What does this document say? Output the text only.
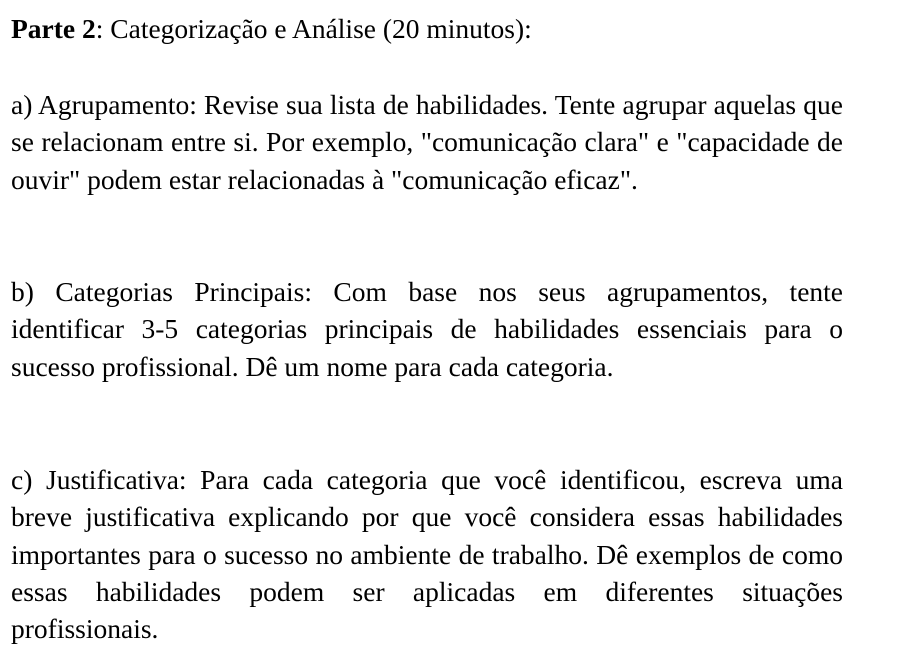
Parte 2: Categorização e Análise (20 minutos):

a) Agrupamento: Revise sua lista de habilidades. Tente agrupar aquelas que se relacionam entre si. Por exemplo, "comunicação clara" e "capacidade de ouvir" podem estar relacionadas à "comunicação eficaz".

b) Categorias Principais: Com base nos seus agrupamentos, tente identificar 3-5 categorias principais de habilidades essenciais para o sucesso profissional. Dê um nome para cada categoria.

c) Justificativa: Para cada categoria que você identificou, escreva uma breve justificativa explicando por que você considera essas habilidades importantes para o sucesso no ambiente de trabalho. Dê exemplos de como essas habilidades podem ser aplicadas em diferentes situações profissionais.
